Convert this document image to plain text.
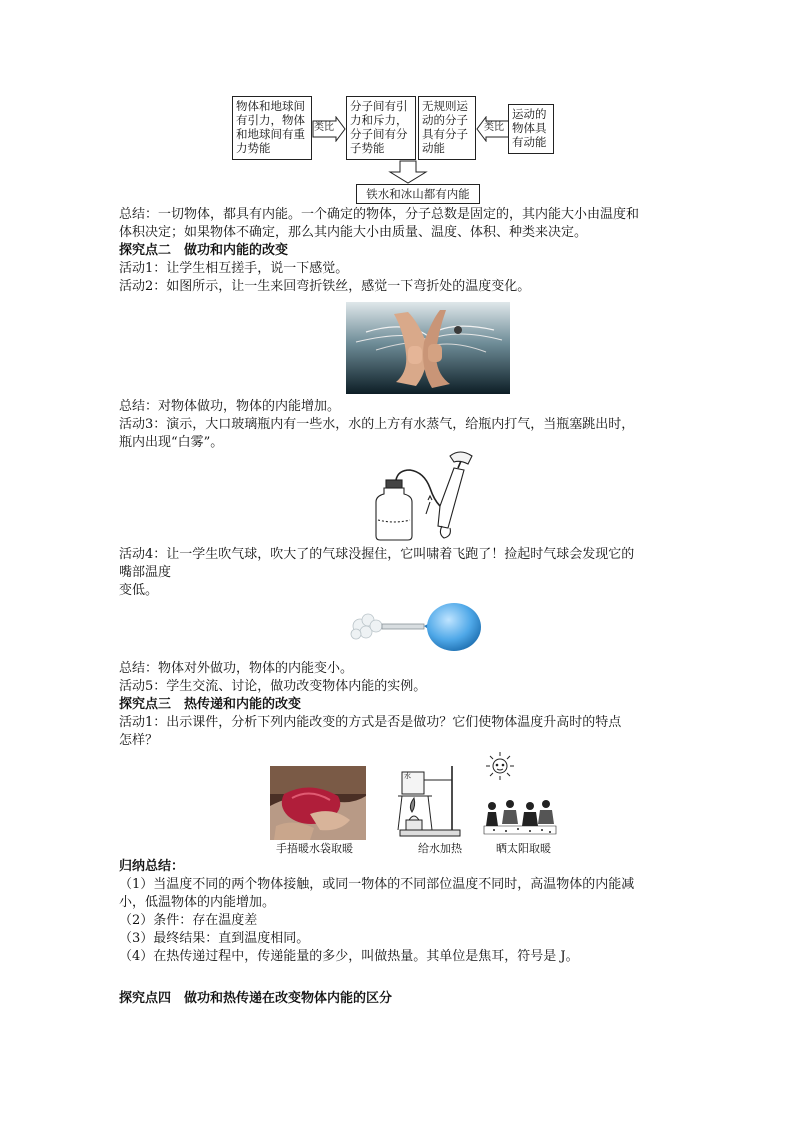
物体和地球间有引力，物体和地球间有重力势能
类比
分子间有引力和斥力，分子间有分子势能
无规则运动的分子具有分子动能
类比
运动的物体具有动能
铁水和冰山都有内能
总结：一切物体，都具有内能。一个确定的物体，分子总数是固定的，其内能大小由温度和
体积决定；如果物体不确定，那么其内能大小由质量、温度、体积、种类来决定。
探究点二　做功和内能的改变
活动1：让学生相互搓手，说一下感觉。
活动2：如图所示，让一生来回弯折铁丝，感觉一下弯折处的温度变化。
总结：对物体做功，物体的内能增加。
活动3：演示，大口玻璃瓶内有一些水，水的上方有水蒸气，给瓶内打气，当瓶塞跳出时，
瓶内出现“白雾”。
活动4：让一学生吹气球，吹大了的气球没握住，它叫啸着飞跑了！捡起时气球会发现它的
嘴部温度
变低。
总结：物体对外做功，物体的内能变小。
活动5：学生交流、讨论，做功改变物体内能的实例。
探究点三　热传递和内能的改变
活动1：出示课件，分析下列内能改变的方式是否是做功？它们使物体温度升高时的特点
怎样？
手捂暖水袋取暖
水
给水加热	晒太阳取暖
归纳总结：
（1）当温度不同的两个物体接触，或同一物体的不同部位温度不同时，高温物体的内能减
小，低温物体的内能增加。
（2）条件：存在温度差
（3）最终结果：直到温度相同。
（4）在热传递过程中，传递能量的多少，叫做热量。其单位是焦耳，符号是 J。
探究点四　做功和热传递在改变物体内能的区分
